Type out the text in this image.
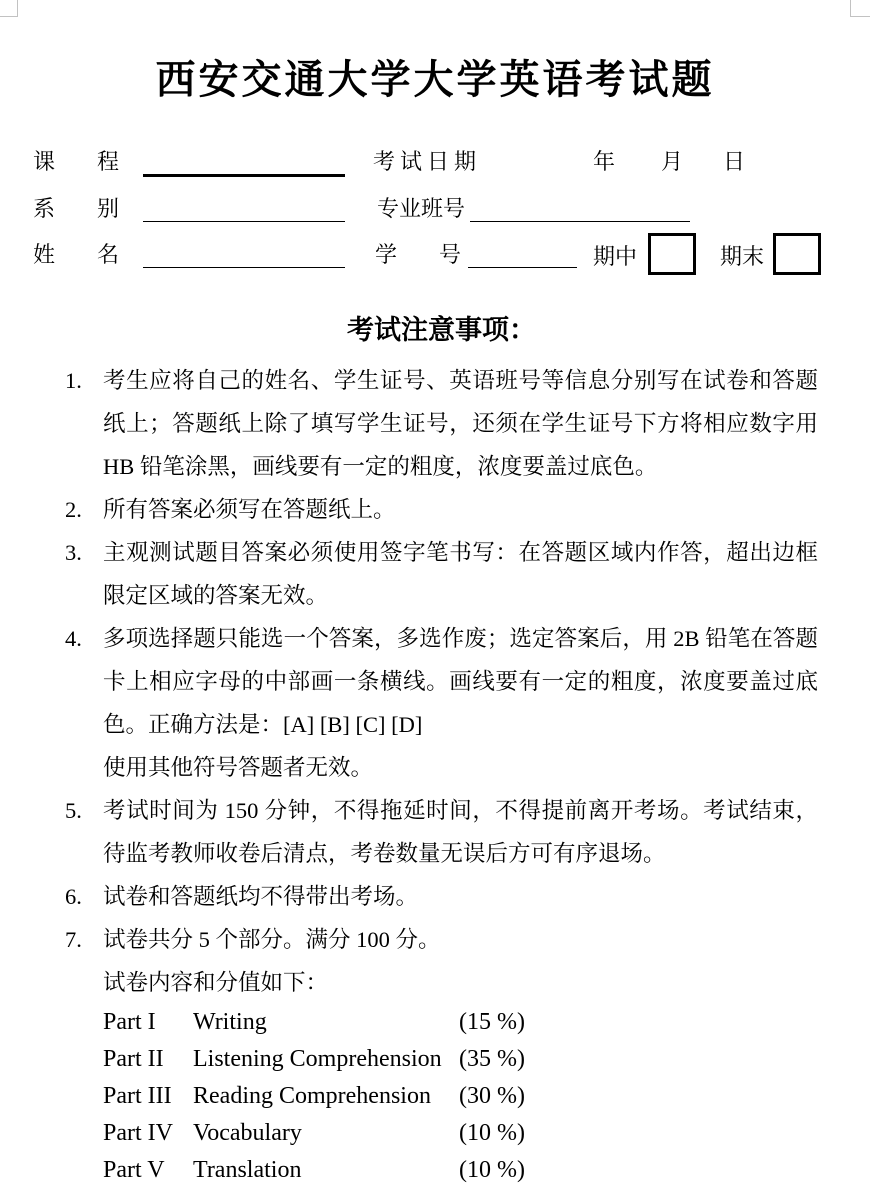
西安交通大学大学英语考试题
课程	考试日期	年 月 日
系别	专业班号
姓名	学号	期中	期末
考试注意事项：
1. 考生应将自己的姓名、学生证号、英语班号等信息分别写在试卷和答题纸上；答题纸上除了填写学生证号，还须在学生证号下方将相应数字用 HB 铅笔涂黑，画线要有一定的粗度，浓度要盖过底色。
2. 所有答案必须写在答题纸上。
3. 主观测试题目答案必须使用签字笔书写：在答题区域内作答，超出边框限定区域的答案无效。
4. 多项选择题只能选一个答案，多选作废；选定答案后，用 2B 铅笔在答题卡上相应字母的中部画一条横线。画线要有一定的粗度，浓度要盖过底色。正确方法是：[A] [B] [C] [D]
使用其他符号答题者无效。
5. 考试时间为 150 分钟，不得拖延时间，不得提前离开考场。考试结束，待监考教师收卷后清点，考卷数量无误后方可有序退场。
6. 试卷和答题纸均不得带出考场。
7. 试卷共分 5 个部分。满分 100 分。
试卷内容和分值如下：
Part I	Writing	(15 %)
Part II	Listening Comprehension (35 %)
Part III Reading Comprehension	(30 %)
Part IV Vocabulary	(10 %)
Part V	Translation	(10 %)
